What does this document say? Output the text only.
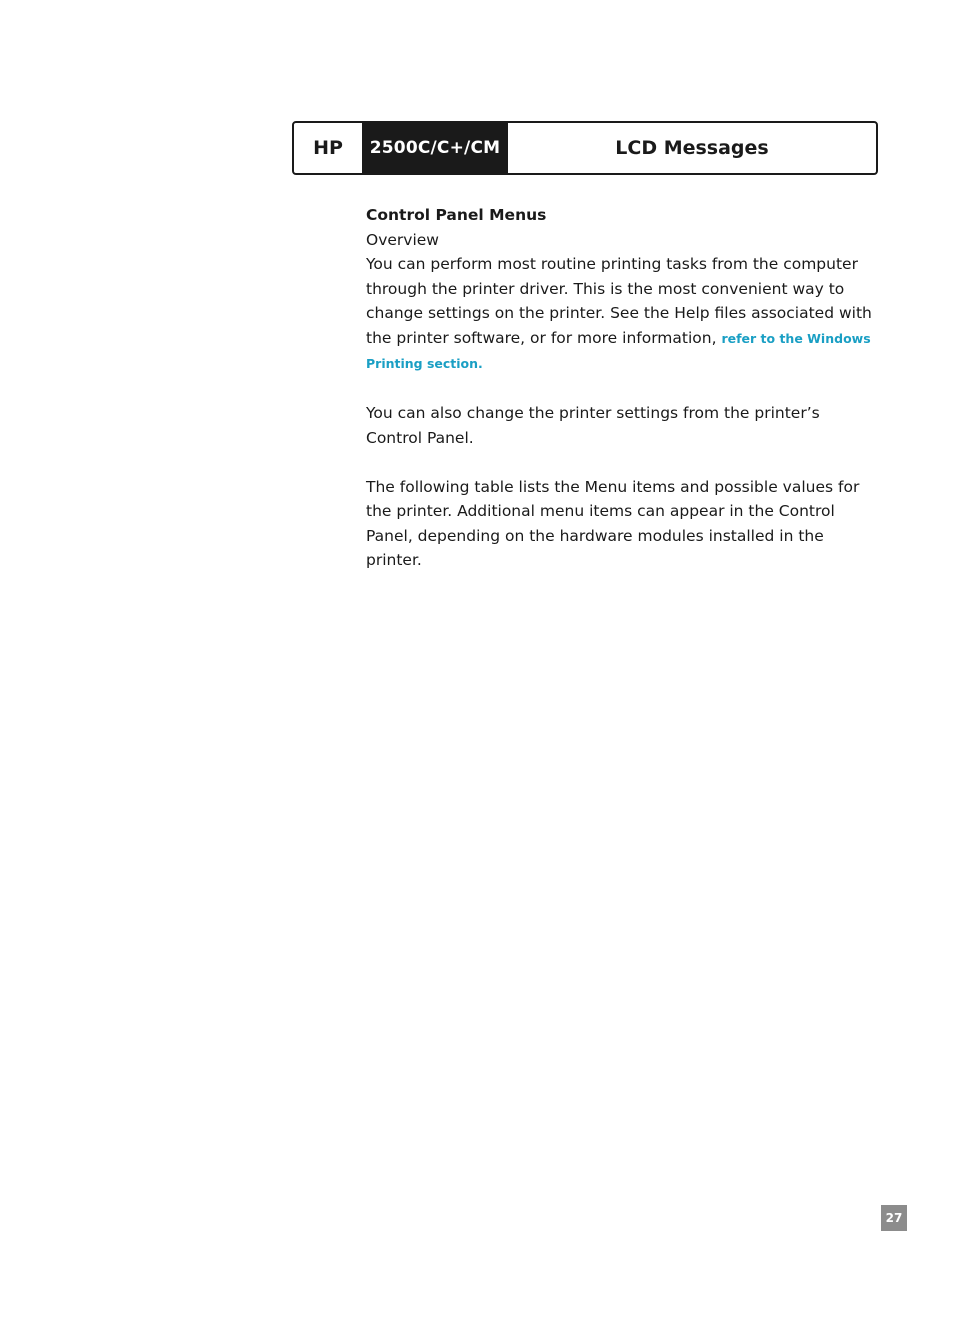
HP	2500C/C+/CM	LCD Messages

Control Panel Menus

Overview

You can perform most routine printing tasks from the computer through the printer driver. This is the most convenient way to change settings on the printer. See the Help files associated with the printer software, or for more information, refer to the Windows Printing section.

You can also change the printer settings from the printer’s Control Panel.

The following table lists the Menu items and possible values for the printer. Additional menu items can appear in the Control Panel, depending on the hardware modules installed in the printer.

27
